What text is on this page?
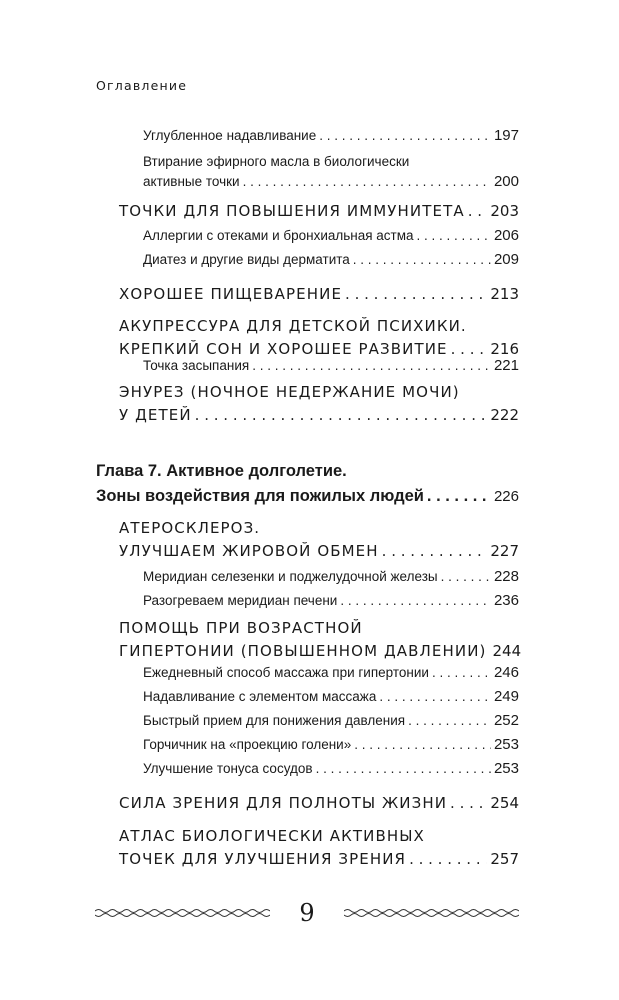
Оглавление
Углубленное надавливание . . .	197
Втирание эфирного масла в биологически
активные точки . . .	200
ТОЧКИ ДЛЯ ПОВЫШЕНИЯ ИММУНИТЕТА . . . 203
Аллергии с отеками и бронхиальная астма . . .	206
Диатез и другие виды дерматита . . .	209
ХОРОШЕЕ ПИЩЕВАРЕНИЕ . . .	213
АКУПРЕССУРА ДЛЯ ДЕТСКОЙ ПСИХИКИ.
КРЕПКИЙ СОН И ХОРОШЕЕ РАЗВИТИЕ . . .	216
Точка засыпания . . .	221
ЭНУРЕЗ (НОЧНОЕ НЕДЕРЖАНИЕ МОЧИ)
У ДЕТЕЙ . . .	222
Глава 7. Активное долголетие.
Зоны воздействия для пожилых людей . . .	226
АТЕРОСКЛЕРОЗ.
УЛУЧШАЕМ ЖИРОВОЙ ОБМЕН . . .	227
Меридиан селезенки и поджелудочной железы . . .	228
Разогреваем меридиан печени . . .	236
ПОМОЩЬ ПРИ ВОЗРАСТНОЙ
ГИПЕРТОНИИ (ПОВЫШЕННОМ ДАВЛЕНИИ) 244
Ежедневный способ массажа при гипертонии . . .	246
Надавливание с элементом массажа . . .	249
Быстрый прием для понижения давления . . .	252
Горчичник на «проекцию голени» . . .	253
Улучшение тонуса сосудов . . .	253
СИЛА ЗРЕНИЯ ДЛЯ ПОЛНОТЫ ЖИЗНИ . . .	254
АТЛАС БИОЛОГИЧЕСКИ АКТИВНЫХ
ТОЧЕК ДЛЯ УЛУЧШЕНИЯ ЗРЕНИЯ . . .	257
9
